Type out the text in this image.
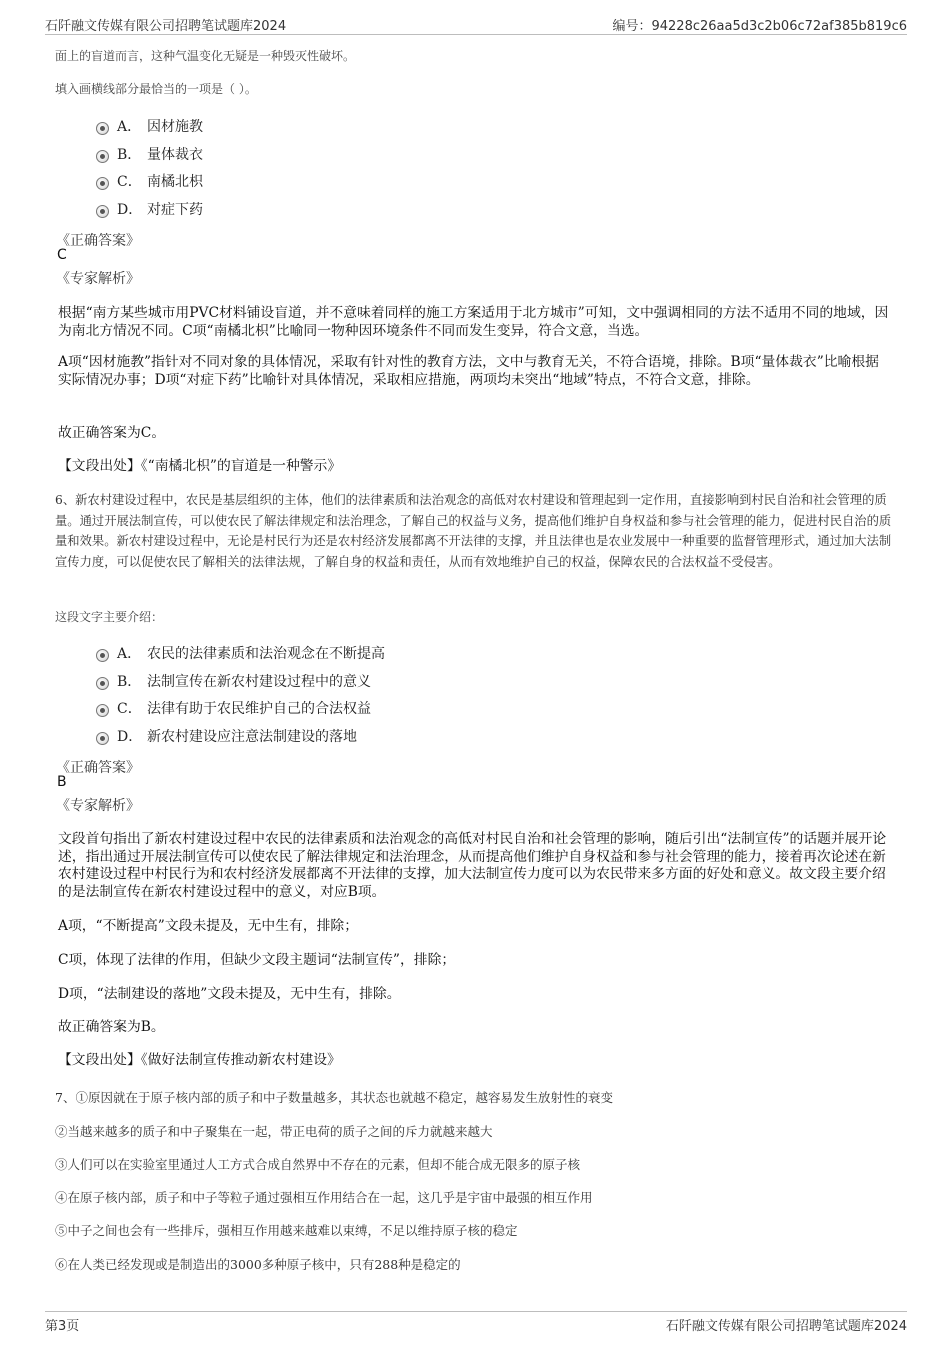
石阡融文传媒有限公司招聘笔试题库2024	编号：94228c26aa5d3c2b06c72af385b819c6
面上的盲道而言，这种气温变化无疑是一种毁灭性破坏。
填入画横线部分最恰当的一项是（ ）。
A． 因材施教
B． 量体裁衣
C． 南橘北枳
D． 对症下药
《正确答案》
C
《专家解析》
根据“南方某些城市用PVC材料铺设盲道，并不意味着同样的施工方案适用于北方城市”可知，文中强调相同的方法不适用不同的地域，因为南北方情况不同。C项“南橘北枳”比喻同一物种因环境条件不同而发生变异，符合文意，当选。
A项“因材施教”指针对不同对象的具体情况，采取有针对性的教育方法，文中与教育无关，不符合语境，排除。B项“量体裁衣”比喻根据实际情况办事；D项“对症下药”比喻针对具体情况，采取相应措施，两项均未突出“地域”特点，不符合文意，排除。
故正确答案为C。
【文段出处】《“南橘北枳”的盲道是一种警示》
6、新农村建设过程中，农民是基层组织的主体，他们的法律素质和法治观念的高低对农村建设和管理起到一定作用，直接影响到村民自治和社会管理的质量。通过开展法制宣传，可以使农民了解法律规定和法治理念，了解自己的权益与义务，提高他们维护自身权益和参与社会管理的能力，促进村民自治的质量和效果。新农村建设过程中，无论是村民行为还是农村经济发展都离不开法律的支撑，并且法律也是农业发展中一种重要的监督管理形式，通过加大法制宣传力度，可以促使农民了解相关的法律法规，了解自身的权益和责任，从而有效地维护自己的权益，保障农民的合法权益不受侵害。
这段文字主要介绍：
A． 农民的法律素质和法治观念在不断提高
B． 法制宣传在新农村建设过程中的意义
C． 法律有助于农民维护自己的合法权益
D． 新农村建设应注意法制建设的落地
《正确答案》
B
《专家解析》
文段首句指出了新农村建设过程中农民的法律素质和法治观念的高低对村民自治和社会管理的影响，随后引出“法制宣传”的话题并展开论述，指出通过开展法制宣传可以使农民了解法律规定和法治理念，从而提高他们维护自身权益和参与社会管理的能力，接着再次论述在新农村建设过程中村民行为和农村经济发展都离不开法律的支撑，加大法制宣传力度可以为农民带来多方面的好处和意义。故文段主要介绍的是法制宣传在新农村建设过程中的意义，对应B项。
A项，“不断提高”文段未提及，无中生有，排除；
C项，体现了法律的作用，但缺少文段主题词“法制宣传”，排除；
D项，“法制建设的落地”文段未提及，无中生有，排除。
故正确答案为B。
【文段出处】《做好法制宣传推动新农村建设》
7、①原因就在于原子核内部的质子和中子数量越多，其状态也就越不稳定，越容易发生放射性的衰变
②当越来越多的质子和中子聚集在一起，带正电荷的质子之间的斥力就越来越大
③人们可以在实验室里通过人工方式合成自然界中不存在的元素，但却不能合成无限多的原子核
④在原子核内部，质子和中子等粒子通过强相互作用结合在一起，这几乎是宇宙中最强的相互作用
⑤中子之间也会有一些排斥，强相互作用越来越难以束缚，不足以维持原子核的稳定
⑥在人类已经发现或是制造出的3000多种原子核中，只有288种是稳定的
第3页	石阡融文传媒有限公司招聘笔试题库2024
